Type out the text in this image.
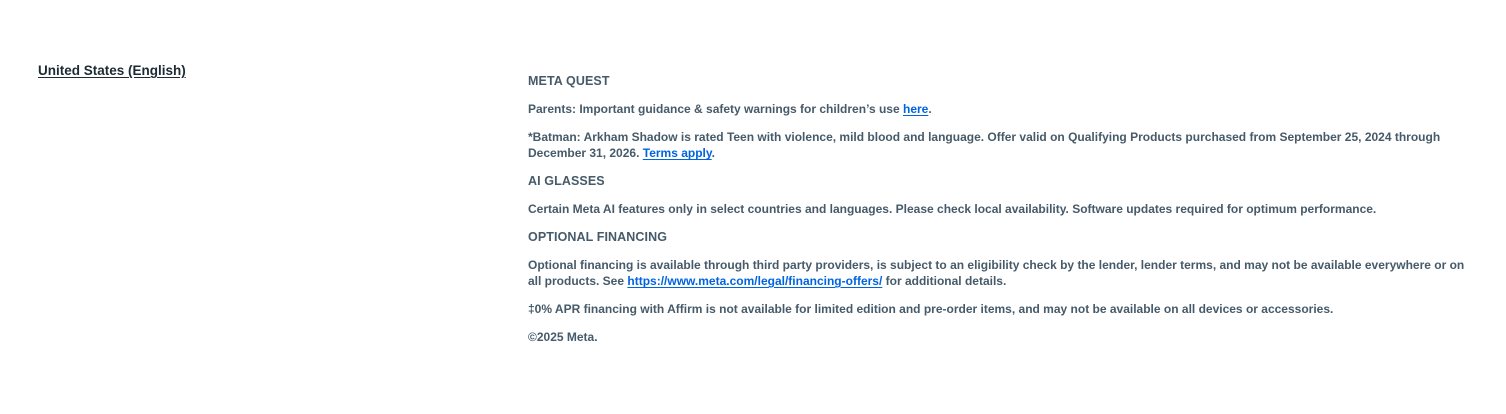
United States (English)

META QUEST

Parents: Important guidance & safety warnings for children’s use here.

*Batman: Arkham Shadow is rated Teen with violence, mild blood and language. Offer valid on Qualifying Products purchased from September 25, 2024 through December 31, 2026. Terms apply.

AI GLASSES

Certain Meta AI features only in select countries and languages. Please check local availability. Software updates required for optimum performance.

OPTIONAL FINANCING

Optional financing is available through third party providers, is subject to an eligibility check by the lender, lender terms, and may not be available everywhere or on all products. See https://www.meta.com/legal/financing-offers/ for additional details.

‡0% APR financing with Affirm is not available for limited edition and pre-order items, and may not be available on all devices or accessories.

©2025 Meta.
